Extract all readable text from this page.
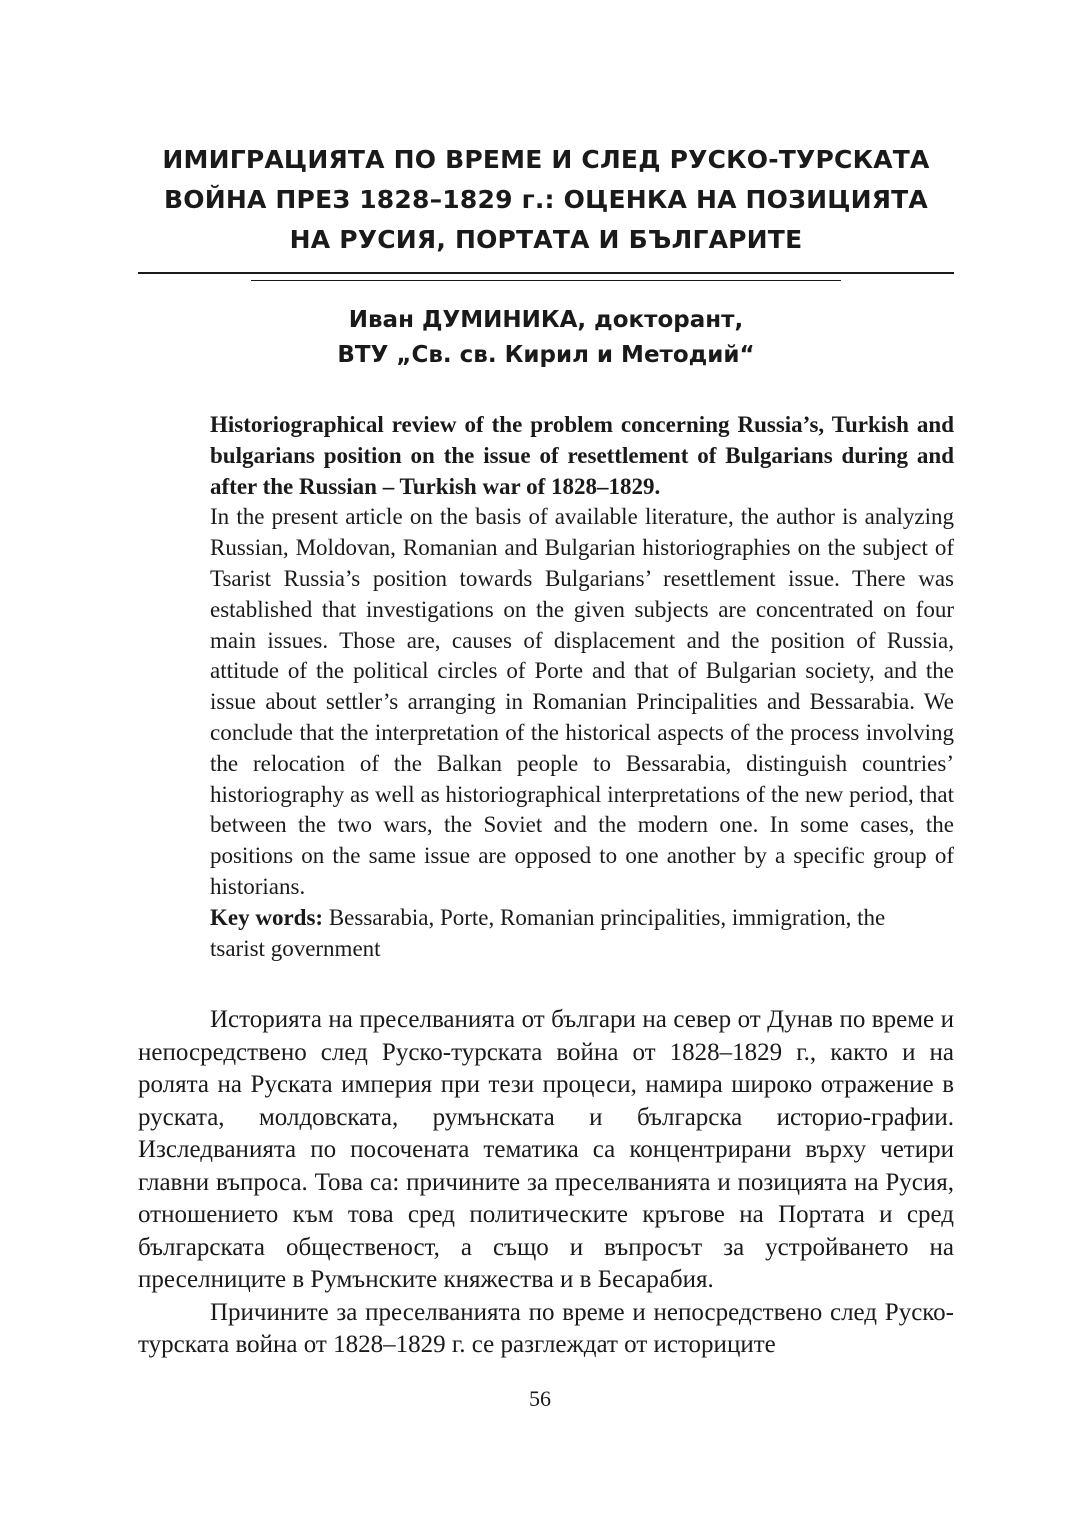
ИМИГРАЦИЯТА ПО ВРЕМЕ И СЛЕД РУСКО-ТУРСКАТА
ВОЙНА ПРЕЗ 1828–1829 г.: ОЦЕНКА НА ПОЗИЦИЯТА
НА РУСИЯ, ПОРТАТА И БЪЛГАРИТЕ
Иван ДУМИНИКА, докторант,
ВТУ „Св. св. Кирил и Методий“

Historiographical review of the problem concerning Russia’s, Turkish and bulgarians position on the issue of resettlement of Bulgarians during and after the Russian – Turkish war of 1828–1829.

In the present article on the basis of available literature, the author is analyzing Russian, Moldovan, Romanian and Bulgarian historiographies on the subject of Tsarist Russia’s position towards Bulgarians’ resettlement issue. There was established that investigations on the given subjects are concentrated on four main issues. Those are, causes of displacement and the position of Russia, attitude of the political circles of Porte and that of Bulgarian society, and the issue about settler’s arranging in Romanian Principalities and Bessarabia. We conclude that the interpretation of the historical aspects of the process involving the relocation of the Balkan people to Bessarabia, distinguish countries’ historiography as well as historiographical interpretations of the new period, that between the two wars, the Soviet and the modern one. In some cases, the positions on the same issue are opposed to one another by a specific group of historians.

Key words: Bessarabia, Porte, Romanian principalities, immigration, the
tsarist government

Историята на преселванията от българи на север от Дунав по време и непосредствено след Руско-турската война от 1828–1829 г., както и на ролята на Руската империя при тези процеси, намира широко отражение в руската, молдовската, румънската и българска историо-графии. Изследванията по посочената тематика са концентрирани върху четири главни въпроса. Това са: причините за преселванията и позицията на Русия, отношението към това сред политическите кръгове на Портата и сред българската общественост, а също и въпросът за устройването на преселниците в Румънските княжества и в Бесарабия.

Причините за преселванията по време и непосредствено след Руско-турската война от 1828–1829 г. се разглеждат от историците

56
